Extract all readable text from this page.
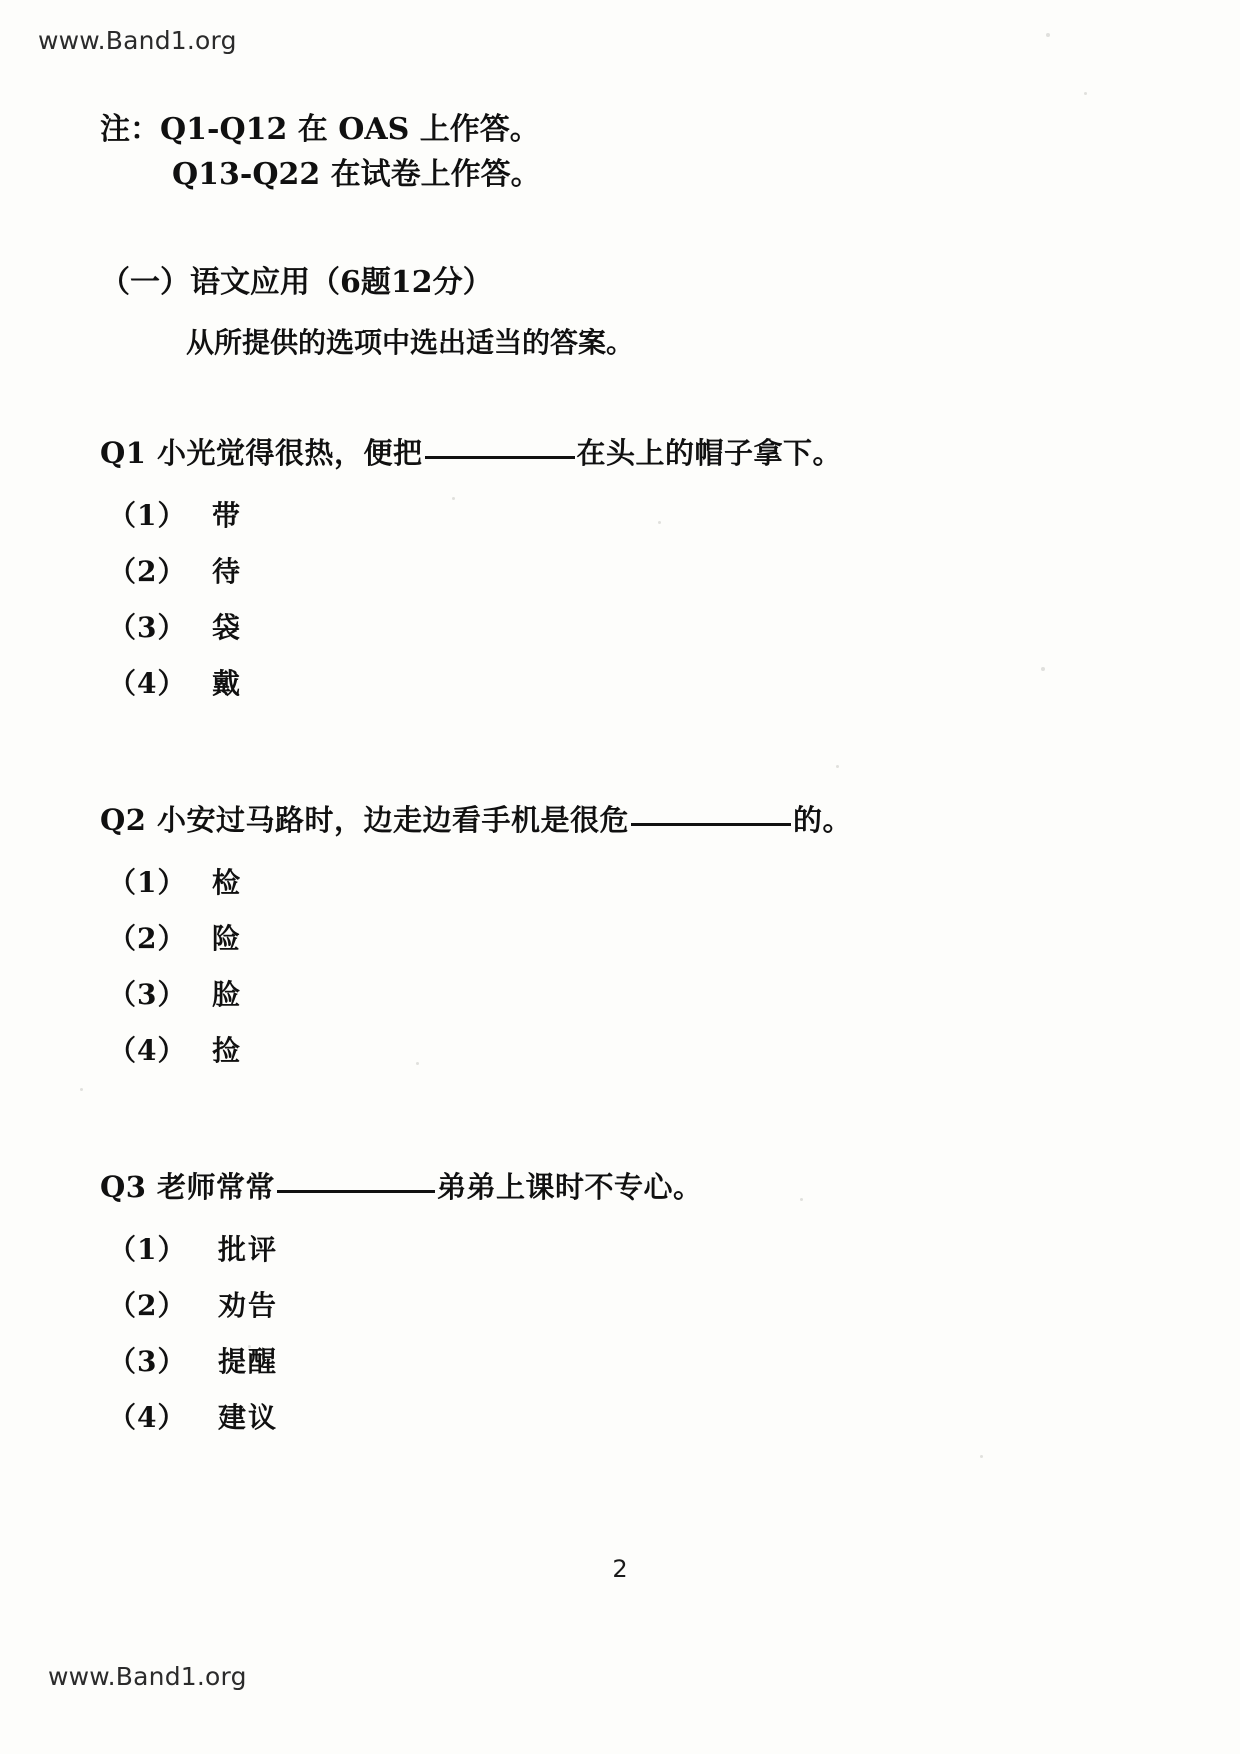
www.Band1.org
注：Q1-Q12 在 OAS 上作答。
Q13-Q22 在试卷上作答。
（一）语文应用（6题12分）
从所提供的选项中选出适当的答案。
Q1 小光觉得很热，便把	在头上的帽子拿下。
（1） 带
（2） 待
（3） 袋
（4） 戴
Q2 小安过马路时，边走边看手机是很危	的。
（1） 检
（2） 险
（3） 脸
（4） 捡
Q3 老师常常	弟弟上课时不专心。
（1）	批评
（2）	劝告
（3）	提醒
（4）	建议
2
www.Band1.org
